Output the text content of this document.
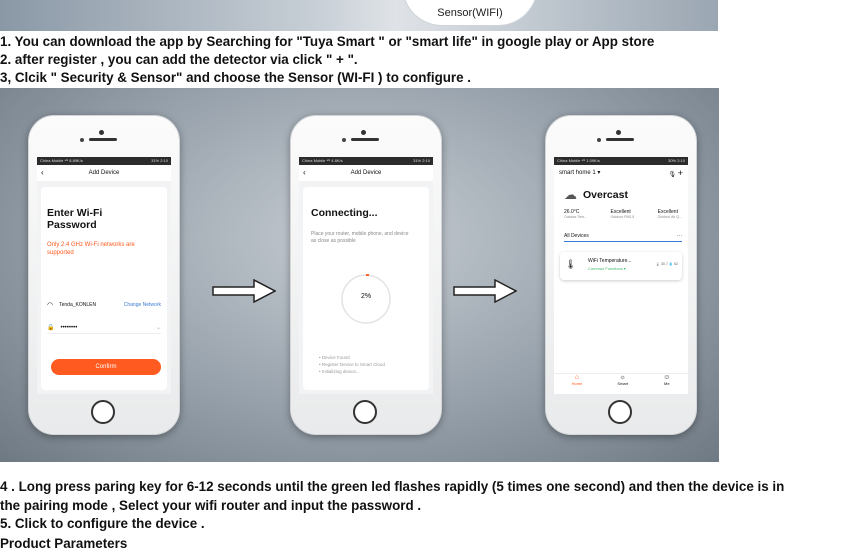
Sensor(WIFI)
1. You can download the app by Searching for "Tuya Smart " or "smart life" in google play or App store
2. after register , you can add the detector via click " + ".
3, Clcik " Security & Sensor" and choose the Sensor (WI-FI ) to configure .
China Mobile ⁴ᴳ 8.89K/s	31% 2:10
‹	Add Device
Enter Wi-Fi
Password
Only 2.4 GHz Wi-Fi networks are supported
◠ Tenda_KONLEN	Change Network
🔒 ••••••••	⌄
Confirm
China Mobile ⁴ᴳ 4.8K/s	31% 2:10
‹	Add Device
Connecting...
Place your router, mobile phone, and device as close as possible
2%
• Device Found
• Register Device to Smart Cloud
• Initializing device...
China Mobile ⁴ᴳ 1.09K/s	30% 2:10
smart home 1 ▾	🎙 +
☁ Overcast
26.0°C
Outdoor Tem...
Excellent
Outdoor PM2.5
Excellent
Outdoor Air Q...
All Devices	···
🌡 WiFi Temperature...
Common Functions ▾
🌡 30.7 💧 62
⌂
Home
☼
Smart
☺
Me
4 . Long press paring key for 6-12 seconds until the green led flashes rapidly (5 times one second) and then the device is in
the pairing mode , Select your wifi router and input the password .
5. Click to configure the device .
Product Parameters
